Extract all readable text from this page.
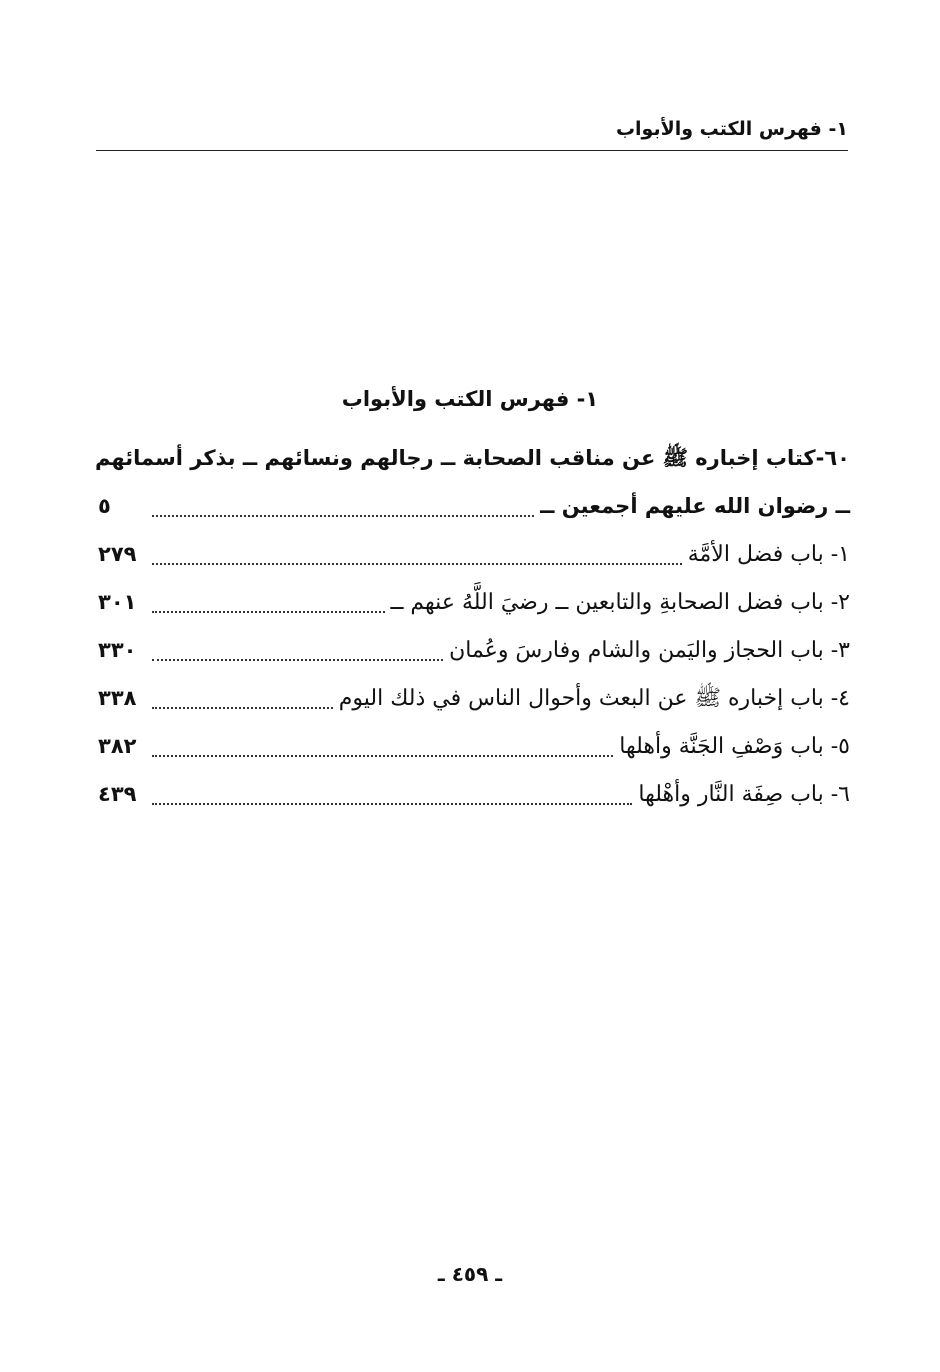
١- فهرس الكتب والأبواب
١- فهرس الكتب والأبواب
٦٠-كتاب إخباره ﷺ عن مناقب الصحابة ــ رجالهم ونسائهم ــ بذكر أسمائهم
ــ رضوان الله عليهم أجمعين ــ
٥
١- باب فضل الأمَّة
٢٧٩
٢- باب فضل الصحابةِ والتابعين ــ رضيَ اللَّهُ عنهم ــ
٣٠١
٣- باب الحجاز واليَمن والشام وفارسَ وعُمان
٣٣٠
٤- باب إخباره ﷺ عن البعث وأحوال الناس في ذلك اليوم
٣٣٨
٥- باب وَصْفِ الجَنَّة وأهلها
٣٨٢
٦- باب صِفَة النَّار وأهْلها
٤٣٩
ـ ٤٥٩ ـ
